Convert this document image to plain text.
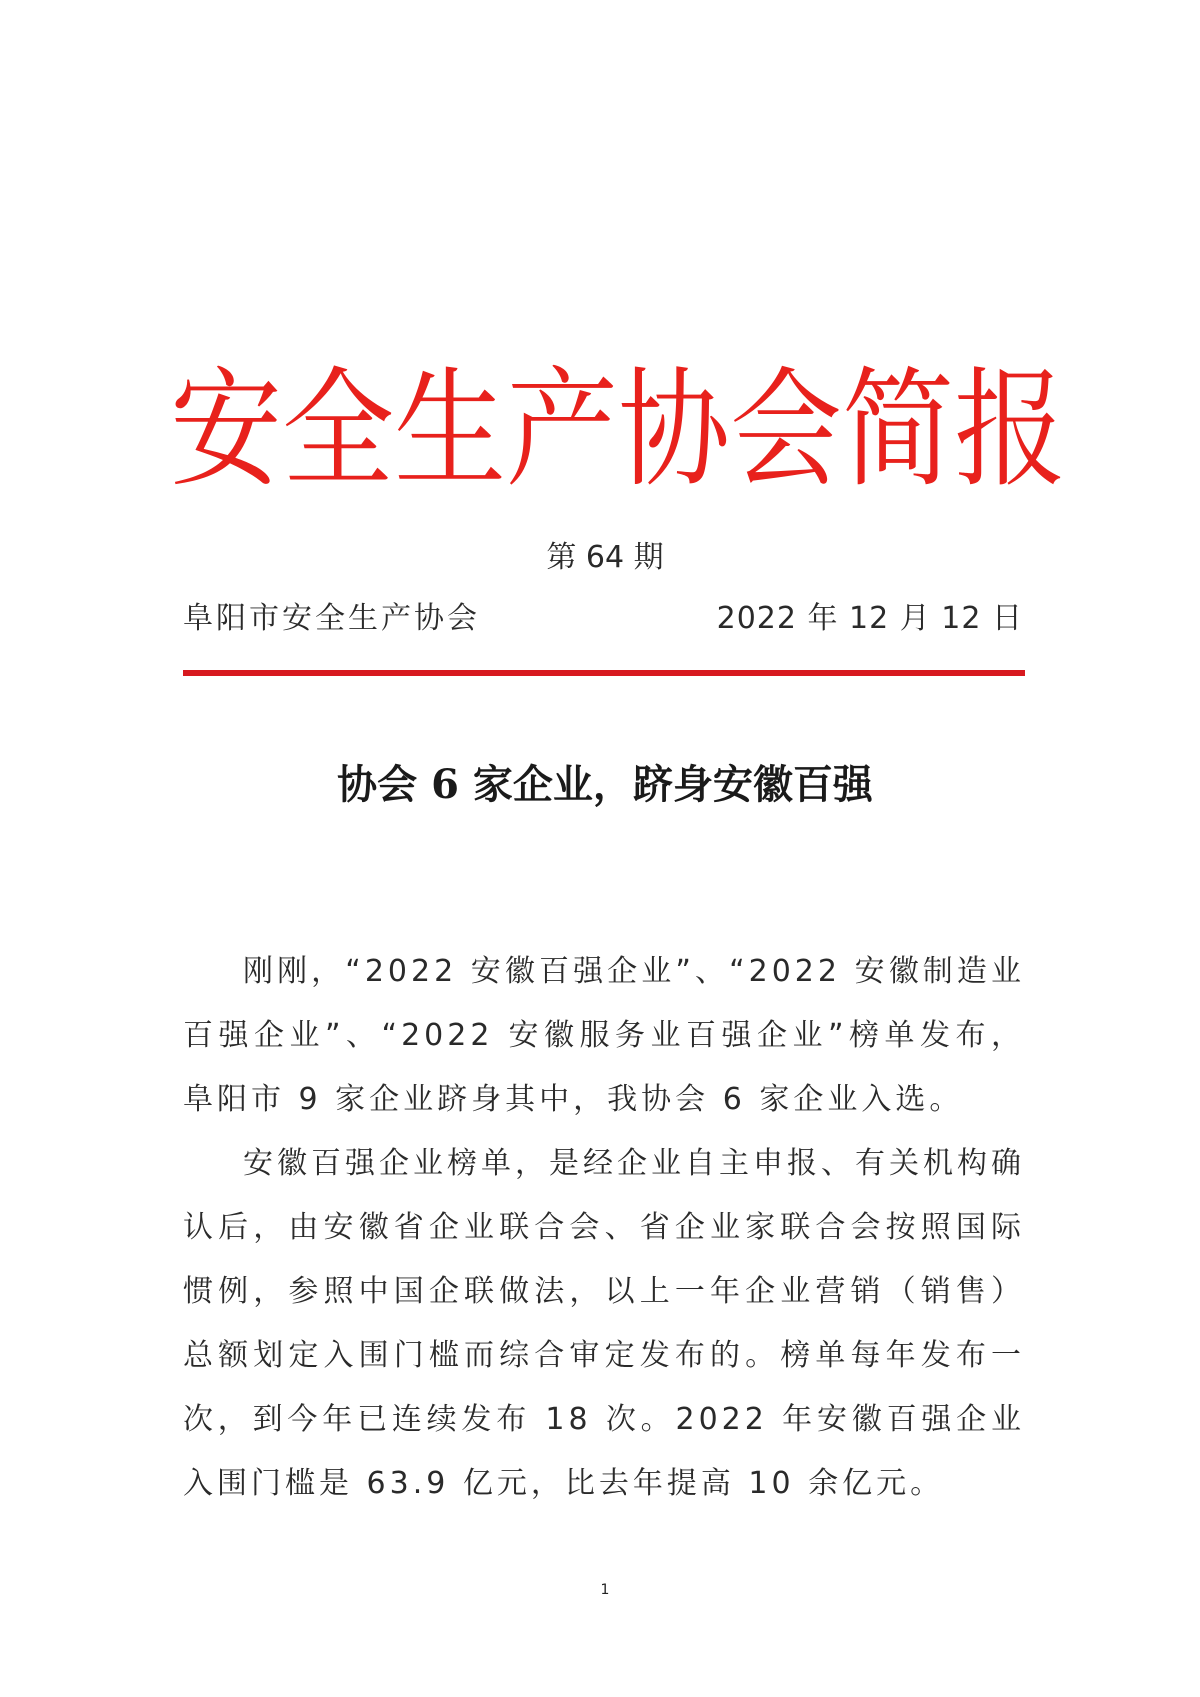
安全生产协会简报
第 64 期
阜阳市安全生产协会	2022 年 12 月 12 日
协会 6 家企业，跻身安徽百强

刚刚，“2022 安徽百强企业”、“2022 安徽制造业百强企业”、“2022 安徽服务业百强企业”榜单发布，阜阳市 9 家企业跻身其中，我协会 6 家企业入选。

安徽百强企业榜单，是经企业自主申报、有关机构确认后，由安徽省企业联合会、省企业家联合会按照国际惯例，参照中国企联做法，以上一年企业营销（销售）总额划定入围门槛而综合审定发布的。榜单每年发布一次，到今年已连续发布 18 次。2022 年安徽百强企业入围门槛是 63.9 亿元，比去年提高 10 余亿元。

1
